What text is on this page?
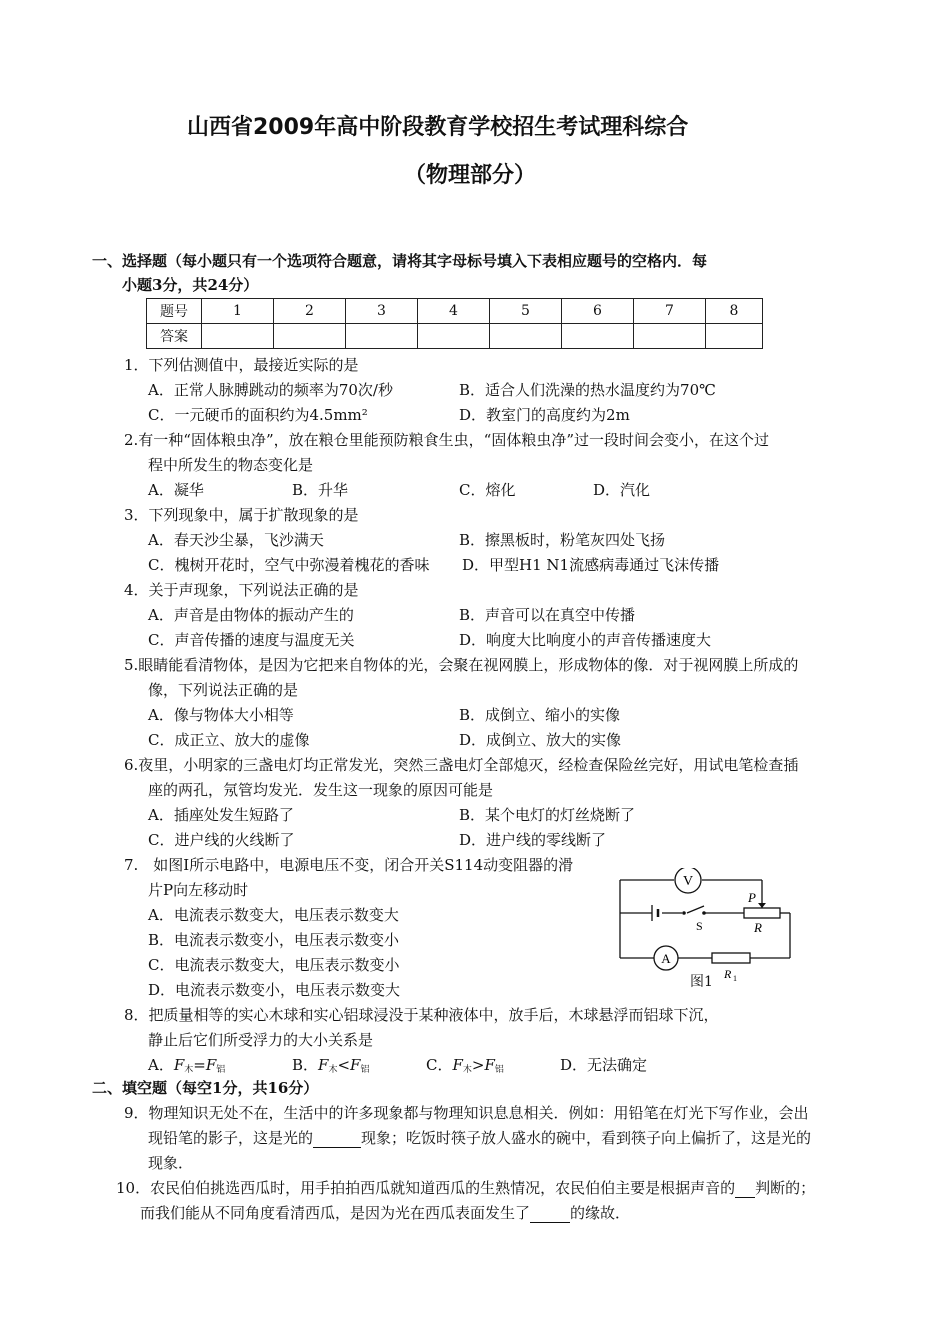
山西省2009年高中阶段教育学校招生考试理科综合
（物理部分）
一、选择题（每小题只有一个选项符合题意，请将其字母标号填入下表相应题号的空格内．每
小题3分，共24分）
题号	1	2	3	4	5	6	7	8
答案								
1．下列估测值中，最接近实际的是
A．正常人脉膊跳动的频率为70次/秒	B．适合人们洗澡的热水温度约为70℃
C．一元硬币的面积约为4.5mm²	D．教室门的高度约为2m
2.有一种“固体粮虫净”，放在粮仓里能预防粮食生虫，“固体粮虫净”过一段时间会变小，在这个过
程中所发生的物态变化是
A．凝华	B．升华	C．熔化	D．汽化
3．下列现象中，属于扩散现象的是
A．春天沙尘暴，飞沙满天	B．擦黑板时，粉笔灰四处飞扬
C．槐树开花时，空气中弥漫着槐花的香味 D．甲型H1 N1流感病毒通过飞沫传播
4．关于声现象，下列说法正确的是
A．声音是由物体的振动产生的	B．声音可以在真空中传播
C．声音传播的速度与温度无关	D．响度大比响度小的声音传播速度大
5.眼睛能看清物体，是因为它把来自物体的光，会聚在视网膜上，形成物体的像．对于视网膜上所成的
像，下列说法正确的是
A．像与物体大小相等	B．成倒立、缩小的实像
C．成正立、放大的虚像	D．成倒立、放大的实像
6.夜里，小明家的三盏电灯均正常发光，突然三盏电灯全部熄灭，经检查保险丝完好，用试电笔检查插
座的两孔，氖管均发光．发生这一现象的原因可能是
A．插座处发生短路了	B．某个电灯的灯丝烧断了
C．进户线的火线断了	D．进户线的零线断了
7.　如图I所示电路中，电源电压不变，闭合开关S114动变阻器的滑
片P向左移动时
A．电流表示数变大，电压表示数变大
B．电流表示数变小，电压表示数变小
C．电流表示数变大，电压表示数变小
D．电流表示数变小，电压表示数变大
V
P
R
S
A
R 1
图1
8．把质量相等的实心木球和实心铝球浸没于某种液体中，放手后，木球悬浮而铝球下沉，
静止后它们所受浮力的大小关系是
A．$F_木=F_铝$	B．$F_木<F_铝$	C．$F_木>F_铝$	D．无法确定
二、填空题（每空1分，共16分）
9．物理知识无处不在，生活中的许多现象都与物理知识息息相关．例如：用铅笔在灯光下写作业，会出
现铅笔的影子，这是光的	现象；吃饭时筷子放人盛水的碗中，看到筷子向上偏折了，这是光的
现象．
10．农民伯伯挑选西瓜时，用手拍拍西瓜就知道西瓜的生熟情况，农民伯伯主要是根据声音的 判断的；
而我们能从不同角度看清西瓜，是因为光在西瓜表面发生了	的缘故．
